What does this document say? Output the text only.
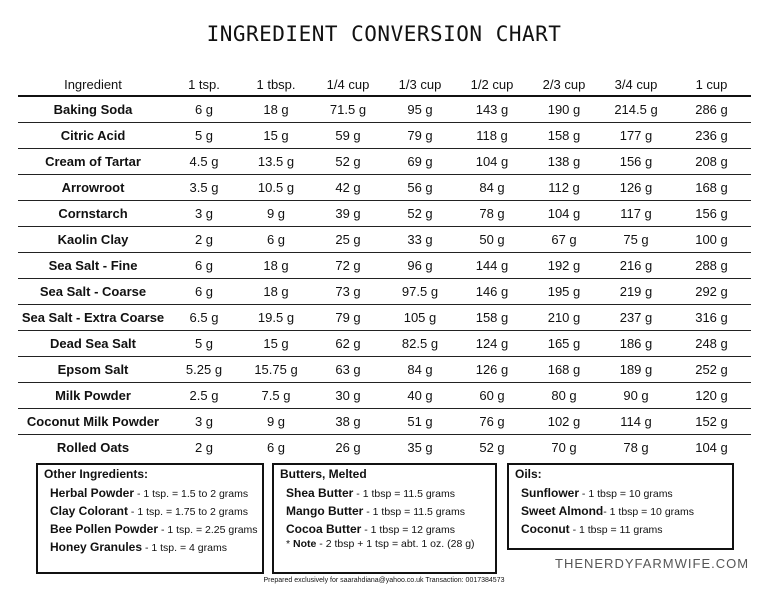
INGREDIENT CONVERSION CHART
Ingredient	1 tsp.	1 tbsp.	1/4 cup	1/3 cup	1/2 cup	2/3 cup	3/4 cup	1 cup
Baking Soda	6 g	18 g	71.5 g	95 g	143 g	190 g	214.5 g	286 g
Citric Acid	5 g	15 g	59 g	79 g	118 g	158 g	177 g	236 g
Cream of Tartar	4.5 g	13.5 g	52 g	69 g	104 g	138 g	156 g	208 g
Arrowroot	3.5 g	10.5 g	42 g	56 g	84 g	112 g	126 g	168 g
Cornstarch	3 g	9 g	39 g	52 g	78 g	104 g	117 g	156 g
Kaolin Clay	2 g	6 g	25 g	33 g	50 g	67 g	75 g	100 g
Sea Salt - Fine	6 g	18 g	72 g	96 g	144 g	192 g	216 g	288 g
Sea Salt - Coarse	6 g	18 g	73 g	97.5 g	146 g	195 g	219 g	292 g
Sea Salt - Extra Coarse	6.5 g	19.5 g	79 g	105 g	158 g	210 g	237 g	316 g
Dead Sea Salt	5 g	15 g	62 g	82.5 g	124 g	165 g	186 g	248 g
Epsom Salt	5.25 g	15.75 g	63 g	84 g	126 g	168 g	189 g	252 g
Milk Powder	2.5 g	7.5 g	30 g	40 g	60 g	80 g	90 g	120 g
Coconut Milk Powder	3 g	9 g	38 g	51 g	76 g	102 g	114 g	152 g
Rolled Oats	2 g	6 g	26 g	35 g	52 g	70 g	78 g	104 g
Other Ingredients:
Herbal Powder - 1 tsp. = 1.5 to 2 grams
Clay Colorant - 1 tsp. = 1.75 to 2 grams
Bee Pollen Powder - 1 tsp. = 2.25 grams
Honey Granules - 1 tsp. = 4 grams
Butters, Melted
Shea Butter - 1 tbsp = 11.5 grams
Mango Butter - 1 tbsp = 11.5 grams
Cocoa Butter - 1 tbsp = 12 grams
* Note - 2 tbsp + 1 tsp = abt. 1 oz. (28 g)
Oils:
Sunflower - 1 tbsp = 10 grams
Sweet Almond- 1 tbsp = 10 grams
Coconut - 1 tbsp = 11 grams
THENERDYFARMWIFE.COM
Prepared exclusively for saarahdiana@yahoo.co.uk Transaction: 0017384573
